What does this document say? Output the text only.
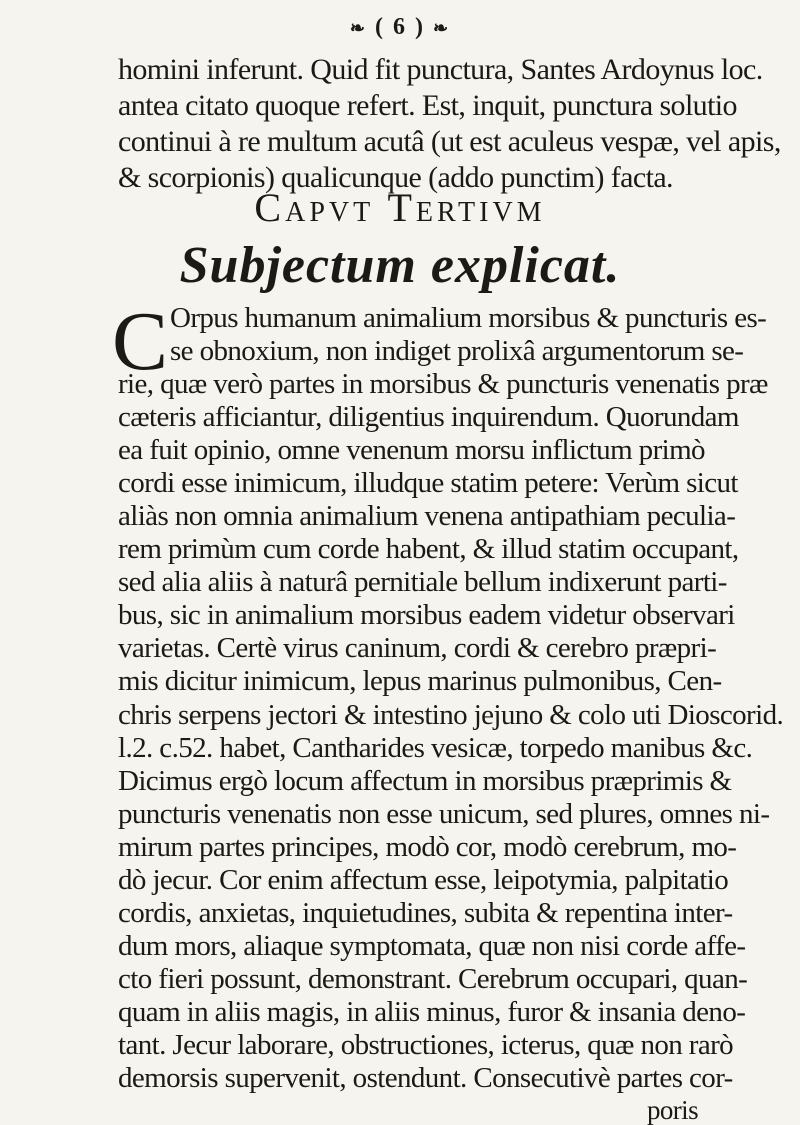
❧ ( 6 ) ❧
homini inferunt. Quid fit punctura, Santes Ardoynus loc.
antea citato quoque refert. Est, inquit, punctura solutio
continui à re multum acutâ (ut est aculeus vespæ, vel apis,
& scorpionis) qualicunque (addo punctim) facta.
Capvt Tertivm
Subjectum explicat.
C Orpus humanum animalium morsibus & puncturis es-
se obnoxium, non indiget prolixâ argumentorum se-
rie, quæ verò partes in morsibus & puncturis venenatis præ
cæteris afficiantur, diligentius inquirendum. Quorundam
ea fuit opinio, omne venenum morsu inflictum primò
cordi esse inimicum, illudque statim petere: Verùm sicut
aliàs non omnia animalium venena antipathiam peculia-
rem primùm cum corde habent, & illud statim occupant,
sed alia aliis à naturâ pernitiale bellum indixerunt parti-
bus, sic in animalium morsibus eadem videtur observari
varietas. Certè virus caninum, cordi & cerebro præpri-
mis dicitur inimicum, lepus marinus pulmonibus, Cen-
chris serpens jectori & intestino jejuno & colo uti Dioscorid.
l.2. c.52. habet, Cantharides vesicæ, torpedo manibus &c.
Dicimus ergò locum affectum in morsibus præprimis &
puncturis venenatis non esse unicum, sed plures, omnes ni-
mirum partes principes, modò cor, modò cerebrum, mo-
dò jecur. Cor enim affectum esse, leipotymia, palpitatio
cordis, anxietas, inquietudines, subita & repentina inter-
dum mors, aliaque symptomata, quæ non nisi corde affe-
cto fieri possunt, demonstrant. Cerebrum occupari, quan-
quam in aliis magis, in aliis minus, furor & insania deno-
tant. Jecur laborare, obstructiones, icterus, quæ non rarò
demorsis supervenit, ostendunt. Consecutivè partes cor-
poris
